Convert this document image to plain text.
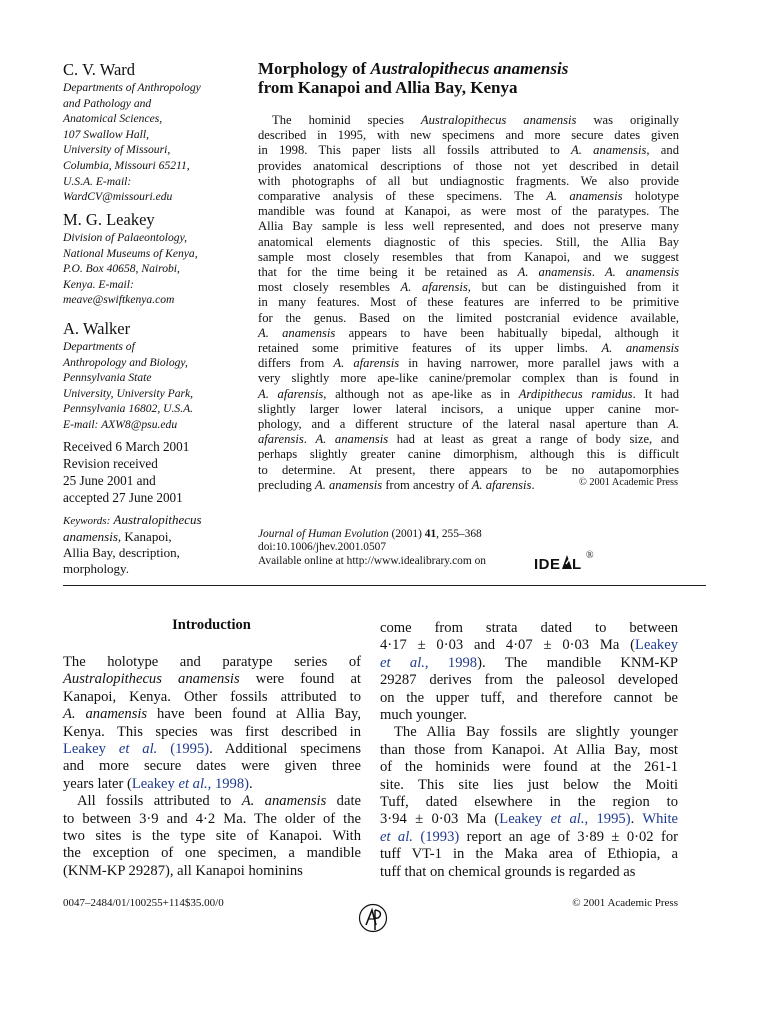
C. V. Ward
Departments of Anthropology
and Pathology and
Anatomical Sciences,
107 Swallow Hall,
University of Missouri,
Columbia, Missouri 65211,
U.S.A. E-mail:
WardCV@missouri.edu
M. G. Leakey
Division of Palaeontology,
National Museums of Kenya,
P.O. Box 40658, Nairobi,
Kenya. E-mail:
meave@swiftkenya.com
A. Walker
Departments of
Anthropology and Biology,
Pennsylvania State
University, University Park,
Pennsylvania 16802, U.S.A.
E-mail: AXW8@psu.edu
Received 6 March 2001
Revision received
25 June 2001 and
accepted 27 June 2001
Keywords: Australopithecus
anamensis, Kanapoi,
Allia Bay, description,
morphology.
Morphology of Australopithecus anamensis
from Kanapoi and Allia Bay, Kenya
The hominid species Australopithecus anamensis was originally
described in 1995, with new specimens and more secure dates given
in 1998. This paper lists all fossils attributed to A. anamensis, and
provides anatomical descriptions of those not yet described in detail
with photographs of all but undiagnostic fragments. We also provide
comparative analysis of these specimens. The A. anamensis holotype
mandible was found at Kanapoi, as were most of the paratypes. The
Allia Bay sample is less well represented, and does not preserve many
anatomical elements diagnostic of this species. Still, the Allia Bay
sample most closely resembles that from Kanapoi, and we suggest
that for the time being it be retained as A. anamensis. A. anamensis
most closely resembles A. afarensis, but can be distinguished from it
in many features. Most of these features are inferred to be primitive
for the genus. Based on the limited postcranial evidence available,
A. anamensis appears to have been habitually bipedal, although it
retained some primitive features of its upper limbs. A. anamensis
differs from A. afarensis in having narrower, more parallel jaws with a
very slightly more ape-like canine/premolar complex than is found in
A. afarensis, although not as ape-like as in Ardipithecus ramidus. It had
slightly larger lower lateral incisors, a unique upper canine mor-
phology, and a different structure of the lateral nasal aperture than A.
afarensis. A. anamensis had at least as great a range of body size, and
perhaps slightly greater canine dimorphism, although this is difficult
to determine. At present, there appears to be no autapomorphies
precluding A. anamensis from ancestry of A. afarensis.	© 2001 Academic Press
Journal of Human Evolution (2001) 41, 255–368
doi:10.1006/jhev.2001.0507
Available online at http://www.idealibrary.com on	IDE L
®
Introduction
The holotype and paratype series of
Australopithecus anamensis were found at
Kanapoi, Kenya. Other fossils attributed to
A. anamensis have been found at Allia Bay,
Kenya. This species was first described in
Leakey et al. (1995). Additional specimens
and more secure dates were given three
years later (Leakey et al., 1998).
All fossils attributed to A. anamensis date
to between 3·9 and 4·2 Ma. The older of the
two sites is the type site of Kanapoi. With
the exception of one specimen, a mandible
(KNM-KP 29287), all Kanapoi hominins
come from strata dated to between
4·17 ± 0·03 and 4·07 ± 0·03 Ma (Leakey
et al., 1998). The mandible KNM-KP
29287 derives from the paleosol developed
on the upper tuff, and therefore cannot be
much younger.
The Allia Bay fossils are slightly younger
than those from Kanapoi. At Allia Bay, most
of the hominids were found at the 261-1
site. This site lies just below the Moiti
Tuff, dated elsewhere in the region to
3·94 ± 0·03 Ma (Leakey et al., 1995). White
et al. (1993) report an age of 3·89 ± 0·02 for
tuff VT-1 in the Maka area of Ethiopia, a
tuff that on chemical grounds is regarded as
0047–2484/01/100255+114$35.00/0	© 2001 Academic Press
